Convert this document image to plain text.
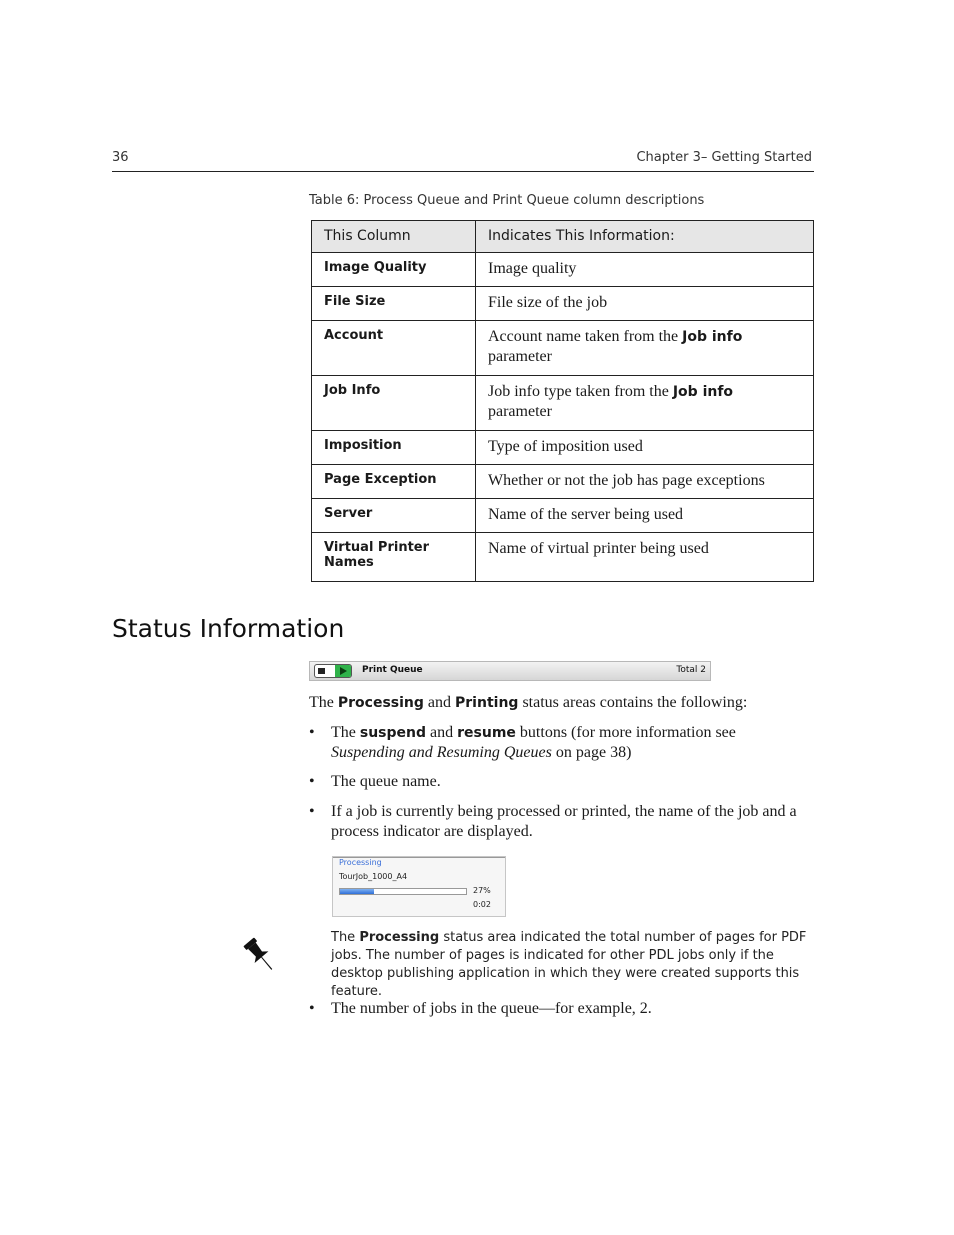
36	Chapter 3– Getting Started
Table 6: Process Queue and Print Queue column descriptions
This Column	Indicates This Information:
Image Quality	Image quality
File Size	File size of the job
Account	Account name taken from the Job info
parameter
Job Info	Job info type taken from the Job info
parameter
Imposition	Type of imposition used
Page Exception	Whether or not the job has page exceptions
Server	Name of the server being used
Virtual Printer
Names	Name of virtual printer being used
Status Information
Print Queue	Total 2
The Processing and Printing status areas contains the following:
• The suspend and resume buttons (for more information see
Suspending and Resuming Queues on page 38)
• The queue name.
• If a job is currently being processed or printed, the name of the job and a process indicator are displayed.
Processing
TourJob_1000_A4
27%
0:02
The Processing status area indicated the total number of pages for PDF jobs. The number of pages is indicated for other PDL jobs only if the desktop publishing application in which they were created supports this feature.
• The number of jobs in the queue—for example, 2.
